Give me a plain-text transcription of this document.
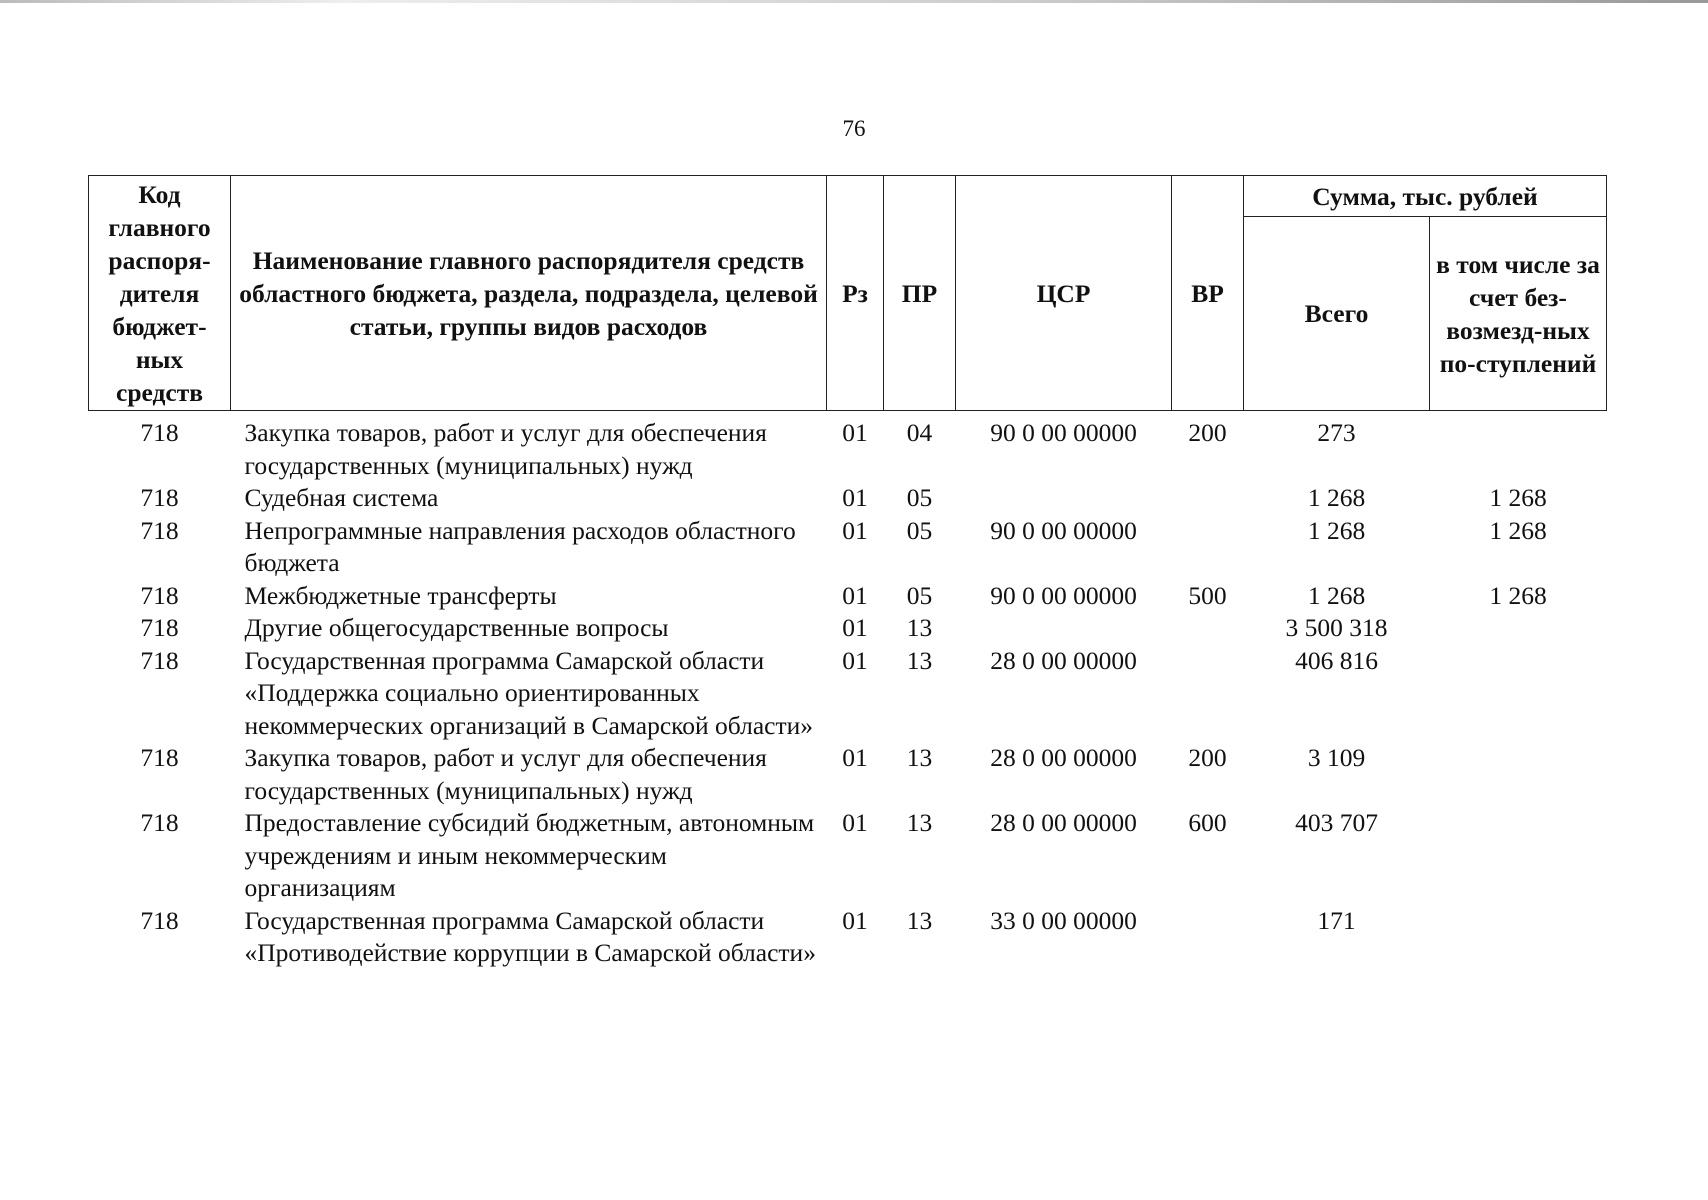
76
Код главного распоря-дителя бюджет-ных средств	Наименование главного распорядителя средств областного бюджета, раздела, подраздела, целевой статьи, группы видов расходов	Рз	ПР	ЦСР	ВР	Сумма, тыс. рублей	
						Всего	в том числе за счет без-возмезд-ных по-ступлений
718	Закупка товаров, работ и услуг для обеспечения государственных (муниципальных) нужд	01	04	90 0 00 00000	200	273	
718	Судебная система	01	05			1 268	1 268
718	Непрограммные направления расходов областного бюджета	01	05	90 0 00 00000		1 268	1 268
718	Межбюджетные трансферты	01	05	90 0 00 00000	500	1 268	1 268
718	Другие общегосударственные вопросы	01	13			3 500 318	
718	Государственная программа Самарской области «Поддержка социально ориентированных некоммерческих организаций в Самарской области»	01	13	28 0 00 00000		406 816	
718	Закупка товаров, работ и услуг для обеспечения государственных (муниципальных) нужд	01	13	28 0 00 00000	200	3 109	
718	Предоставление субсидий бюджетным, автономным учреждениям и иным некоммерческим организациям	01	13	28 0 00 00000	600	403 707	
718	Государственная программа Самарской области «Противодействие коррупции в Самарской области»	01	13	33 0 00 00000		171	
